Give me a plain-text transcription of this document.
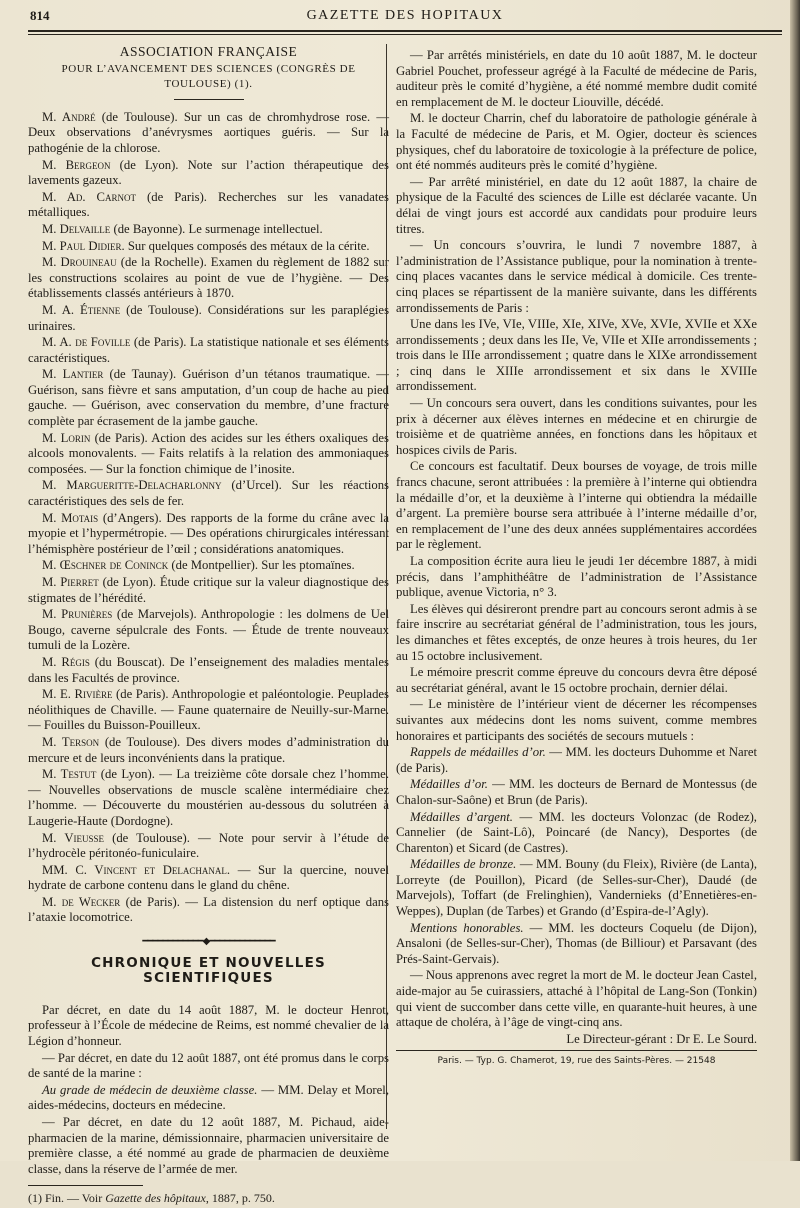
814	GAZETTE DES HOPITAUX

ASSOCIATION FRANÇAISE

POUR L’AVANCEMENT DES SCIENCES (CONGRÈS DE TOULOUSE) (1).

M. André (de Toulouse). Sur un cas de chromhydrose rose. — Deux observations d’anévrysmes aortiques guéris. — Sur la pathogénie de la chlorose.

M. Bergeon (de Lyon). Note sur l’action thérapeutique des lavements gazeux.

M. Ad. Carnot (de Paris). Recherches sur les vanadates métalliques.

M. Delvaille (de Bayonne). Le surmenage intellectuel.

M. Paul Didier. Sur quelques composés des métaux de la cérite.

M. Drouineau (de la Rochelle). Examen du règlement de 1882 sur les constructions scolaires au point de vue de l’hygiène. — Des établissements classés antérieurs à 1870.

M. A. Étienne (de Toulouse). Considérations sur les paraplégies urinaires.

M. A. de Foville (de Paris). La statistique nationale et ses éléments caractéristiques.

M. Lantier (de Taunay). Guérison d’un tétanos traumatique. — Guérison, sans fièvre et sans amputation, d’un coup de hache au pied gauche. — Guérison, avec conservation du membre, d’une fracture complète par écrasement de la jambe gauche.

M. Lorin (de Paris). Action des acides sur les éthers oxaliques des alcools monovalents. — Faits relatifs à la relation des ammoniaques composées. — Sur la fonction chimique de l’inosite.

M. Margueritte-Delacharlonny (d’Urcel). Sur les réactions caractéristiques des sels de fer.

M. Motais (d’Angers). Des rapports de la forme du crâne avec la myopie et l’hypermétropie. — Des opérations chirurgicales intéressant l’hémisphère postérieur de l’œil ; considérations anatomiques.

M. Œschner de Coninck (de Montpellier). Sur les ptomaïnes.

M. Pierret (de Lyon). Étude critique sur la valeur diagnostique des stigmates de l’hérédité.

M. Prunières (de Marvejols). Anthropologie : les dolmens de Uel Bougo, caverne sépulcrale des Fonts. — Étude de trente nouveaux tumuli de la Lozère.

M. Régis (du Bouscat). De l’enseignement des maladies mentales dans les Facultés de province.

M. E. Rivière (de Paris). Anthropologie et paléontologie. Peuplades néolithiques de Chaville. — Faune quaternaire de Neuilly-sur-Marne. — Fouilles du Buisson-Pouilleux.

M. Terson (de Toulouse). Des divers modes d’administration du mercure et de leurs inconvénients dans la pratique.

M. Testut (de Lyon). — La treizième côte dorsale chez l’homme. — Nouvelles observations de muscle scalène intermédiaire chez l’homme. — Découverte du moustérien au-dessous du solutréen à Laugerie-Haute (Dordogne).

M. Vieusse (de Toulouse). — Note pour servir à l’étude de l’hydrocèle péritonéo-funiculaire.

MM. C. Vincent et Delachanal. — Sur la quercine, nouvel hydrate de carbone contenu dans le gland du chêne.

M. de Wecker (de Paris). — La distension du nerf optique dans l’ataxie locomotrice.

━━━━━━━━━━━━◆━━━━━━━━━━━━━

CHRONIQUE ET NOUVELLES SCIENTIFIQUES

Par décret, en date du 14 août 1887, M. le docteur Henrot, professeur à l’École de médecine de Reims, est nommé chevalier de la Légion d’honneur.

— Par décret, en date du 12 août 1887, ont été promus dans le corps de santé de la marine :

Au grade de médecin de deuxième classe. — MM. Delay et Morel, aides-médecins, docteurs en médecine.

— Par décret, en date du 12 août 1887, M. Pichaud, aide-pharmacien de la marine, démissionnaire, pharmacien universitaire de première classe, a été nommé au grade de pharmacien de deuxième classe, dans la réserve de l’armée de mer.

(1) Fin. — Voir Gazette des hôpitaux, 1887, p. 750.

— Par arrêtés ministériels, en date du 10 août 1887, M. le docteur Gabriel Pouchet, professeur agrégé à la Faculté de médecine de Paris, auditeur près le comité d’hygiène, a été nommé membre dudit comité en remplacement de M. le docteur Liouville, décédé.

M. le docteur Charrin, chef du laboratoire de pathologie générale à la Faculté de médecine de Paris, et M. Ogier, docteur ès sciences physiques, chef du laboratoire de toxicologie à la préfecture de police, ont été nommés auditeurs près le comité d’hygiène.

— Par arrêté ministériel, en date du 12 août 1887, la chaire de physique de la Faculté des sciences de Lille est déclarée vacante. Un délai de vingt jours est accordé aux candidats pour produire leurs titres.

— Un concours s’ouvrira, le lundi 7 novembre 1887, à l’administration de l’Assistance publique, pour la nomination à trente-cinq places vacantes dans le service médical à domicile. Ces trente-cinq places se répartissent de la manière suivante, dans les différents arrondissements de Paris :

Une dans les IVe, VIe, VIIIe, XIe, XIVe, XVe, XVIe, XVIIe et XXe arrondissements ; deux dans les IIe, Ve, VIIe et XIIe arrondissements ; trois dans le IIIe arrondissement ; quatre dans le XIXe arrondissement ; cinq dans le XIIIe arrondissement et six dans le XVIIIe arrondissement.

— Un concours sera ouvert, dans les conditions suivantes, pour les prix à décerner aux élèves internes en médecine et en chirurgie de troisième et de quatrième années, en fonctions dans les hôpitaux et hospices civils de Paris.

Ce concours est facultatif. Deux bourses de voyage, de trois mille francs chacune, seront attribuées : la première à l’interne qui obtiendra la médaille d’or, et la deuxième à l’interne qui obtiendra la médaille d’argent. La première bourse sera attribuée à l’interne médaille d’or, en remplacement de l’une des deux années supplémentaires accordées par le règlement.

La composition écrite aura lieu le jeudi 1er décembre 1887, à midi précis, dans l’amphithéâtre de l’administration de l’Assistance publique, avenue Victoria, n° 3.

Les élèves qui désireront prendre part au concours seront admis à se faire inscrire au secrétariat général de l’administration, tous les jours, les dimanches et fêtes exceptés, de onze heures à trois heures, du 1er au 15 octobre inclusivement.

Le mémoire prescrit comme épreuve du concours devra être déposé au secrétariat général, avant le 15 octobre prochain, dernier délai.

— Le ministère de l’intérieur vient de décerner les récompenses suivantes aux médecins dont les noms suivent, comme membres honoraires et participants des sociétés de secours mutuels :

Rappels de médailles d’or. — MM. les docteurs Duhomme et Naret (de Paris).

Médailles d’or. — MM. les docteurs de Bernard de Montessus (de Chalon-sur-Saône) et Brun (de Paris).

Médailles d’argent. — MM. les docteurs Volonzac (de Rodez), Cannelier (de Saint-Lô), Poincaré (de Nancy), Desportes (de Charenton) et Sicard (de Castres).

Médailles de bronze. — MM. Bouny (du Fleix), Rivière (de Lanta), Lorreyte (de Pouillon), Picard (de Selles-sur-Cher), Daudé (de Marvejols), Toffart (de Frelinghien), Vandernieks (d’Ennetières-en-Weppes), Duplan (de Tarbes) et Grando (d’Espira-de-l’Agly).

Mentions honorables. — MM. les docteurs Coquelu (de Dijon), Ansaloni (de Selles-sur-Cher), Thomas (de Billiour) et Parsavant (des Prés-Saint-Gervais).

— Nous apprenons avec regret la mort de M. le docteur Jean Castel, aide-major au 5e cuirassiers, attaché à l’hôpital de Lang-Son (Tonkin) qui vient de succomber dans cette ville, en quarante-huit heures, à une attaque de choléra, à l’âge de vingt-cinq ans.

Le Directeur-gérant : Dr E. Le Sourd.

Paris. — Typ. G. Chamerot, 19, rue des Saints-Pères. — 21548
